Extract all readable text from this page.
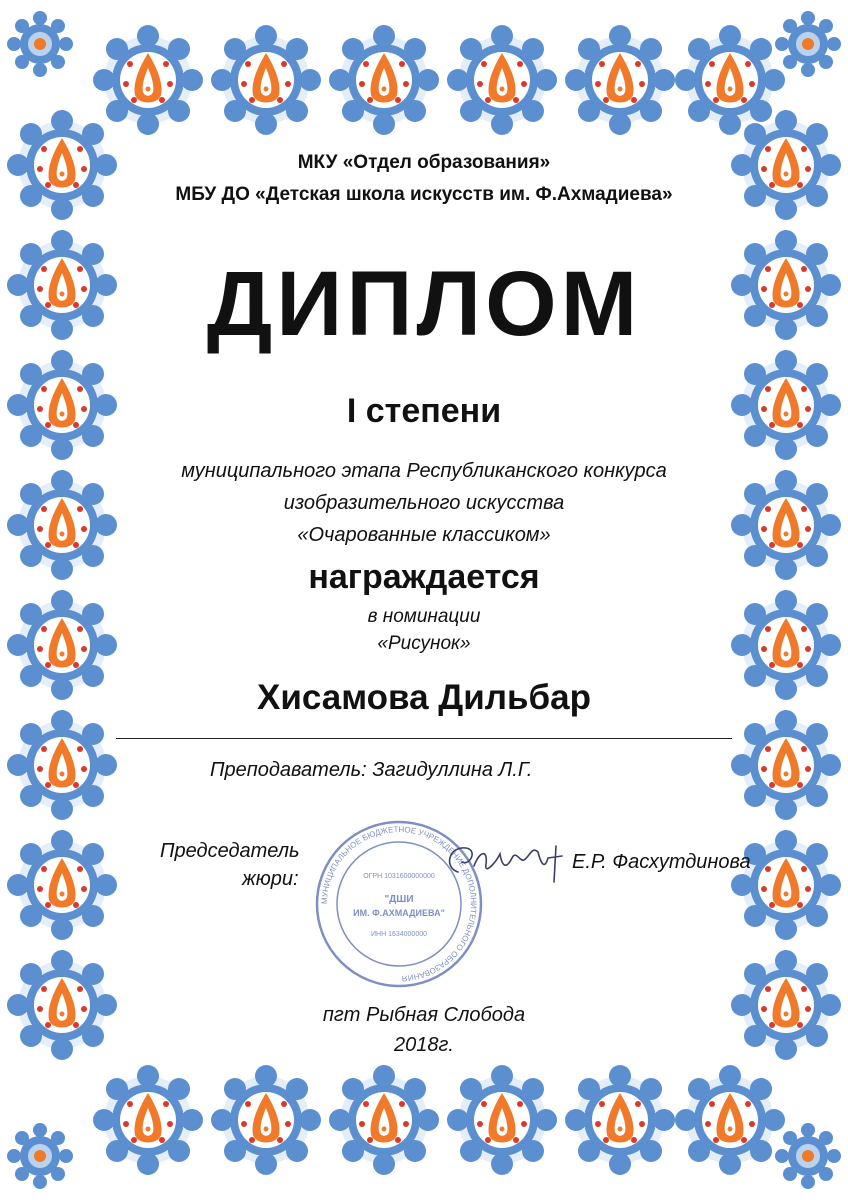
МКУ «Отдел образования»

МБУ ДО «Детская школа искусств им. Ф.Ахмадиева»

ДИПЛОМ

I степени

муниципального этапа Республиканского конкурса

изобразительного искусства

«Очарованные классиком»

награждается

в номинации

«Рисунок»

Хисамова Дильбар

Преподаватель: Загидуллина Л.Г.

МУНИЦИПАЛЬНОЕ БЮДЖЕТНОЕ УЧРЕЖДЕНИЕ ДОПОЛНИТЕЛЬНОГО ОБРАЗОВАНИЯ
ОГРН 1031600000000
"ДШИ
ИМ. Ф.АХМАДИЕВА"
ИНН 1634000000

Председатель

жюри:

Е.Р. Фасхутдинова

пгт Рыбная Слобода

2018г.
